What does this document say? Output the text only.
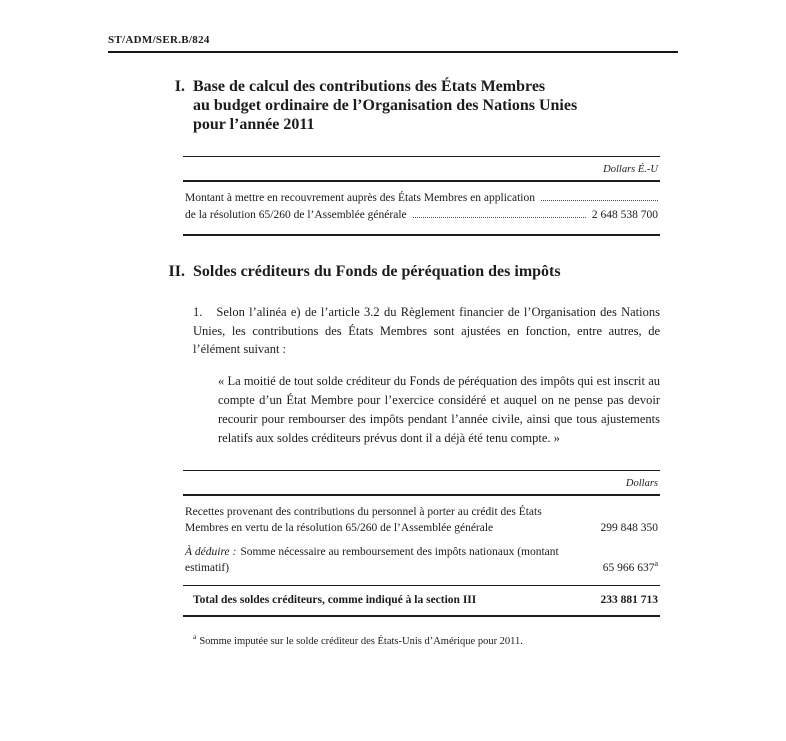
ST/ADM/SER.B/824
I. Base de calcul des contributions des États Membres
au budget ordinaire de l’Organisation des Nations Unies
pour l’année 2011
Dollars É.-U
Montant à mettre en recouvrement auprès des États Membres en application
de la résolution 65/260 de l’Assemblée générale	2 648 538 700
II. Soldes créditeurs du Fonds de péréquation des impôts

1. Selon l’alinéa e) de l’article 3.2 du Règlement financier de l’Organisation des Nations Unies, les contributions des États Membres sont ajustées en fonction, entre autres, de l’élément suivant :

« La moitié de tout solde créditeur du Fonds de péréquation des impôts qui est inscrit au compte d’un État Membre pour l’exercice considéré et auquel on ne pense pas devoir recourir pour rembourser des impôts pendant l’année civile, ainsi que tous ajustements relatifs aux soldes créditeurs prévus dont il a déjà été tenu compte. »

Dollars
Recettes provenant des contributions du personnel à porter au crédit des États Membres en vertu de la résolution 65/260 de l’Assemblée générale	299 848 350
À déduire : Somme nécessaire au remboursement des impôts nationaux (montant estimatif)	65 966 637$^a$
Total des soldes créditeurs, comme indiqué à la section III	233 881 713

$^a$ Somme imputée sur le solde créditeur des États-Unis d’Amérique pour 2011.
